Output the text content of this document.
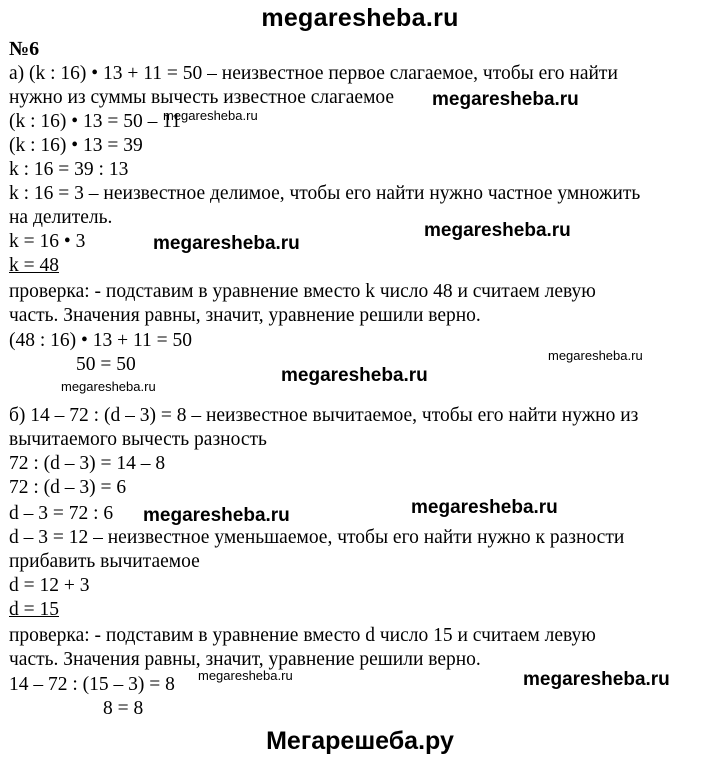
megaresheba.ru
№6
а) (k : 16) • 13 + 11 = 50 – неизвестное первое слагаемое, чтобы его найти
нужно из суммы вычесть известное слагаемое
(k : 16) • 13 = 50 – 11
(k : 16) • 13 = 39
k : 16 = 39 : 13
k : 16 = 3 – неизвестное делимое, чтобы его найти нужно частное умножить
на делитель.
k = 16 • 3
k = 48
проверка: - подставим в уравнение вместо k число 48 и считаем левую
часть. Значения равны, значит, уравнение решили верно.
(48 : 16) • 13 + 11 = 50
50 = 50
б) 14 – 72 : (d – 3) = 8 – неизвестное вычитаемое, чтобы его найти нужно из
вычитаемого вычесть разность
72 : (d – 3) = 14 – 8
72 : (d – 3) = 6
d – 3 = 72 : 6
d – 3 = 12 – неизвестное уменьшаемое, чтобы его найти нужно к разности
прибавить вычитаемое
d = 12 + 3
d = 15
проверка: - подставим в уравнение вместо d число 15 и считаем левую
часть. Значения равны, значит, уравнение решили верно.
14 – 72 : (15 – 3) = 8
8 = 8
megaresheba.ru
megaresheba.ru
megaresheba.ru
megaresheba.ru
megaresheba.ru
megaresheba.ru
megaresheba.ru
megaresheba.ru
megaresheba.ru
megaresheba.ru	megaresheba.ru
Мегарешеба.ру
